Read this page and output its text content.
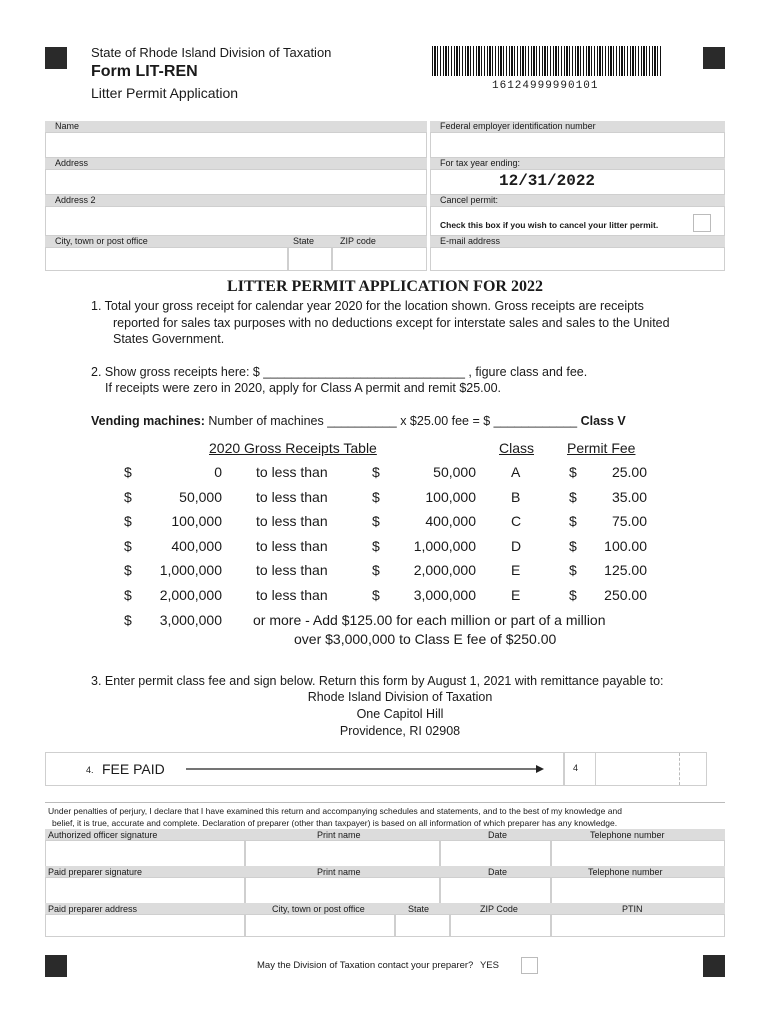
State of Rhode Island Division of Taxation
Form LIT-REN
Litter Permit Application	16124999990101
Name	Federal employer identification number
Address	For tax year ending:
12/31/2022
Address 2	Cancel permit:
Check this box if you wish to cancel your litter permit.
City, town or post office	State	ZIP code	E-mail address
LITTER PERMIT APPLICATION FOR 2022
1. Total your gross receipt for calendar year 2020 for the location shown. Gross receipts are receipts
reported for sales tax purposes with no deductions except for interstate sales and sales to the United
States Government.
2. Show gross receipts here: $ _____________________________ , figure class and fee.
If receipts were zero in 2020, apply for Class A permit and remit $25.00.
Vending machines: Number of machines __________ x $25.00 fee = $ ____________ Class V
2020 Gross Receipts Table	Class Permit Fee
$	0 to less than	$	50,000	A	$	25.00
$	50,000 to less than	$	100,000	B	$	35.00
$	100,000 to less than	$	400,000	C	$	75.00
$	400,000 to less than	$	1,000,000	D	$	100.00
$	1,000,000 to less than	$	2,000,000	E	$	125.00
$	2,000,000 to less than	$	3,000,000	E	$	250.00
$	3,000,000 or more - Add $125.00 for each million or part of a million
over $3,000,000 to Class E fee of $250.00
3. Enter permit class fee and sign below. Return this form by August 1, 2021 with remittance payable to:
Rhode Island Division of Taxation
One Capitol Hill
Providence, RI 02908
4. FEE PAID	4
Under penalties of perjury, I declare that I have examined this return and accompanying schedules and statements, and to the best of my knowledge and
belief, it is true, accurate and complete. Declaration of preparer (other than taxpayer) is based on all information of which preparer has any knowledge.
Authorized officer signature	Print name	Date	Telephone number
Paid preparer signature	Print name	Date	Telephone number
Paid preparer address	City, town or post office	State	ZIP Code	PTIN
May the Division of Taxation contact your preparer? YES
